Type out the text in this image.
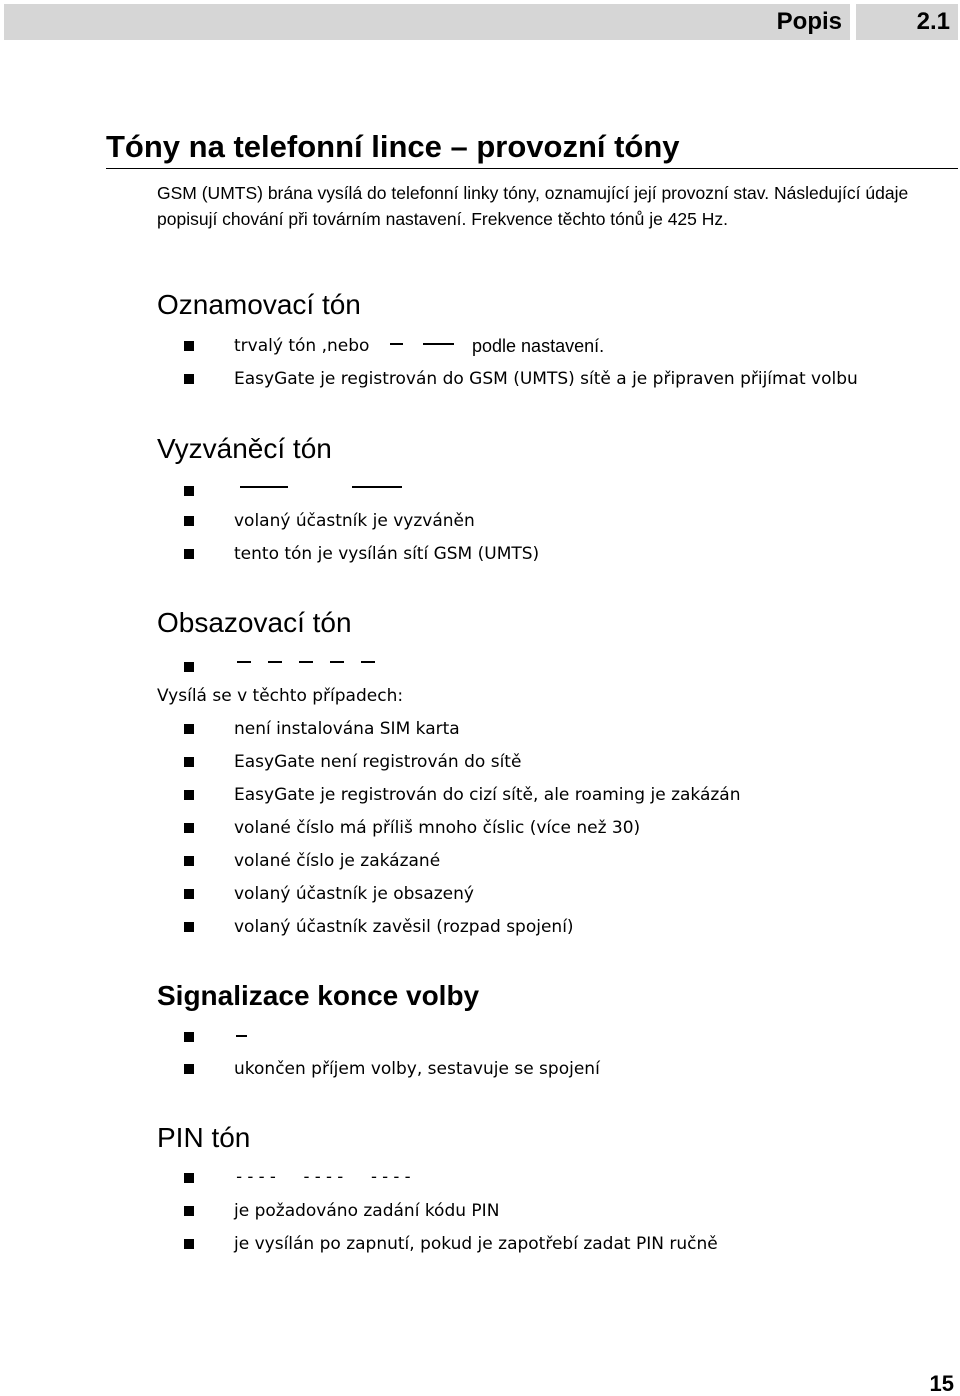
Popis	2.1
Tóny na telefonní lince – provozní tóny
GSM (UMTS) brána vysílá do telefonní linky tóny, oznamující její provozní stav. Následující údaje popisují chování při továrním nastavení. Frekvence těchto tónů je 425 Hz.
Oznamovací tón
trvalý tón ,nebo	podle nastavení.
EasyGate je registrován do GSM (UMTS) sítě a je připraven přijímat volbu
Vyzváněcí tón
volaný účastník je vyzváněn
tento tón je vysílán sítí GSM (UMTS)
Obsazovací tón
Vysílá se v těchto případech:
není instalována SIM karta
EasyGate není registrován do sítě
EasyGate je registrován do cizí sítě, ale roaming je zakázán
volané číslo má příliš mnoho číslic (více než 30)
volané číslo je zakázané
volaný účastník je obsazený
volaný účastník zavěsil (rozpad spojení)
Signalizace konce volby
ukončen příjem volby, sestavuje se spojení
PIN tón
----  ----  ----
je požadováno zadání kódu PIN
je vysílán po zapnutí, pokud je zapotřebí zadat PIN ručně
15
